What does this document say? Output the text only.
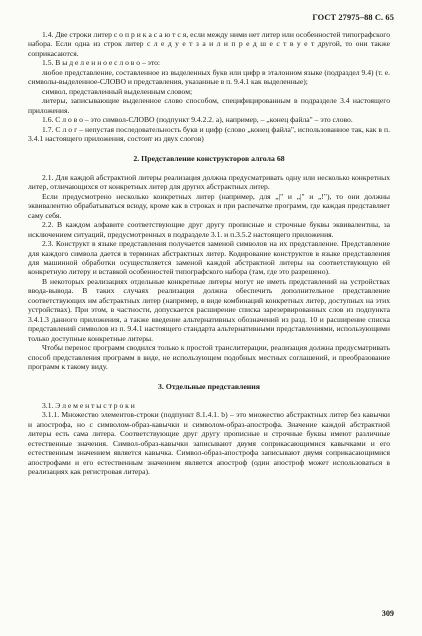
ГОСТ 27975–88 С. 65

1.4. Две строки литер с о п р и к а с а ю т с я, если между ними нет литер или особенностей типографского набора. Если одна из строк литер с л е д у е т з а и л и п р е д ш е с т в у е т другой, то они также соприкасаются.

1.5. В ы д е л е н н о е с л о в о – это:

любое представление, составленное из выделенных букв или цифр в эталонном языке (подраздел 9.4) (т. е. символы-выделенное-СЛОВО и представления, указанные в п. 9.4.1 как выделенные);

символ, представленный выделенным словом;

литеры, записывающие выделенное слово способом, специфицированным в подразделе 3.4 настоящего приложения.

1.6. С л о в о – это символ-СЛОВО (подпункт 9.4.2.2. а), например, – „конец файла" – это слово.

1.7. С л о г – непустая последовательность букв и цифр (слово „конец файла", использованное так, как в п. 3.4.1 настоящего приложения, состоит из двух слогов)

2. Представление конструкторов алгола 68

2.1. Для каждой абстрактной литеры реализация должна предусматривать одну или несколько конкретных литер, отличающихся от конкретных литер для других абстрактных литер.

Если предусмотрено несколько конкретных литер (например, для „|" и „|" и „!"), то они должны эквивалентно обрабатываться всюду, кроме как в строках и при распечатке программ, где каждая представляет саму себя.

2.2. В каждом алфавите соответствующие друг другу прописные и строчные буквы эквивалентны, за исключением ситуаций, предусмотренных в подразделе 3.1. и п.3.5.2 настоящего приложения.

2.3. Конструкт в языке представления получается заменой символов на их представление. Представление для каждого символа дается в терминах абстрактных литер. Кодирование конструктов в языке представления для машинной обработки осуществляется заменой каждой абстрактной литеры на соответствующую ей конкретную литеру и вставкой особенностей типографского набора (там, где это разрешено).

В некоторых реализациях отдельные конкретные литеры могут не иметь представлений на устройствах ввода-вывода. В таких случаях реализация должна обеспечить дополнительное представление соответствующих им абстрактных литер (например, в виде комбинаций конкретных литер, доступных на этих устройствах). При этом, в частности, допускается расширение списка зарезервированных слов из подпункта 3.4.1.3 данного приложения, а также введение альтернативных обозначений из разд. 10 и расширение списка представлений символов из п. 9.4.1 настоящего стандарта альтернативными представлениями, использующими только доступные конкретные литеры.

Чтобы перенос программ сводился только к простой транслитерации, реализация должна предусматривать способ представления программ в виде, не использующем подобных местных соглашений, и преобразование программ к такому виду.

3. Отдельные представления

3.1. Э л е м е н т ы с т р о к и

3.1.1. Множество элементов-строки (подпункт 8.1.4.1. b) – это множество абстрактных литер без кавычки и апострофа, но с символом-образ-кавычки и символом-образ-апострофа. Значение каждой абстрактной литеры есть сама литера. Соответствующие друг другу прописные и строчные буквы имеют различные естественные значения. Символ-образ-кавычки записывают двумя соприкасающимися кавычками и его естественным значением является кавычка. Символ-образ-апострофа записывают двумя соприкасающимися апострофами и его естественным значением является апостроф (один апостроф может использоваться в реализациях как регистровая литера).

309
